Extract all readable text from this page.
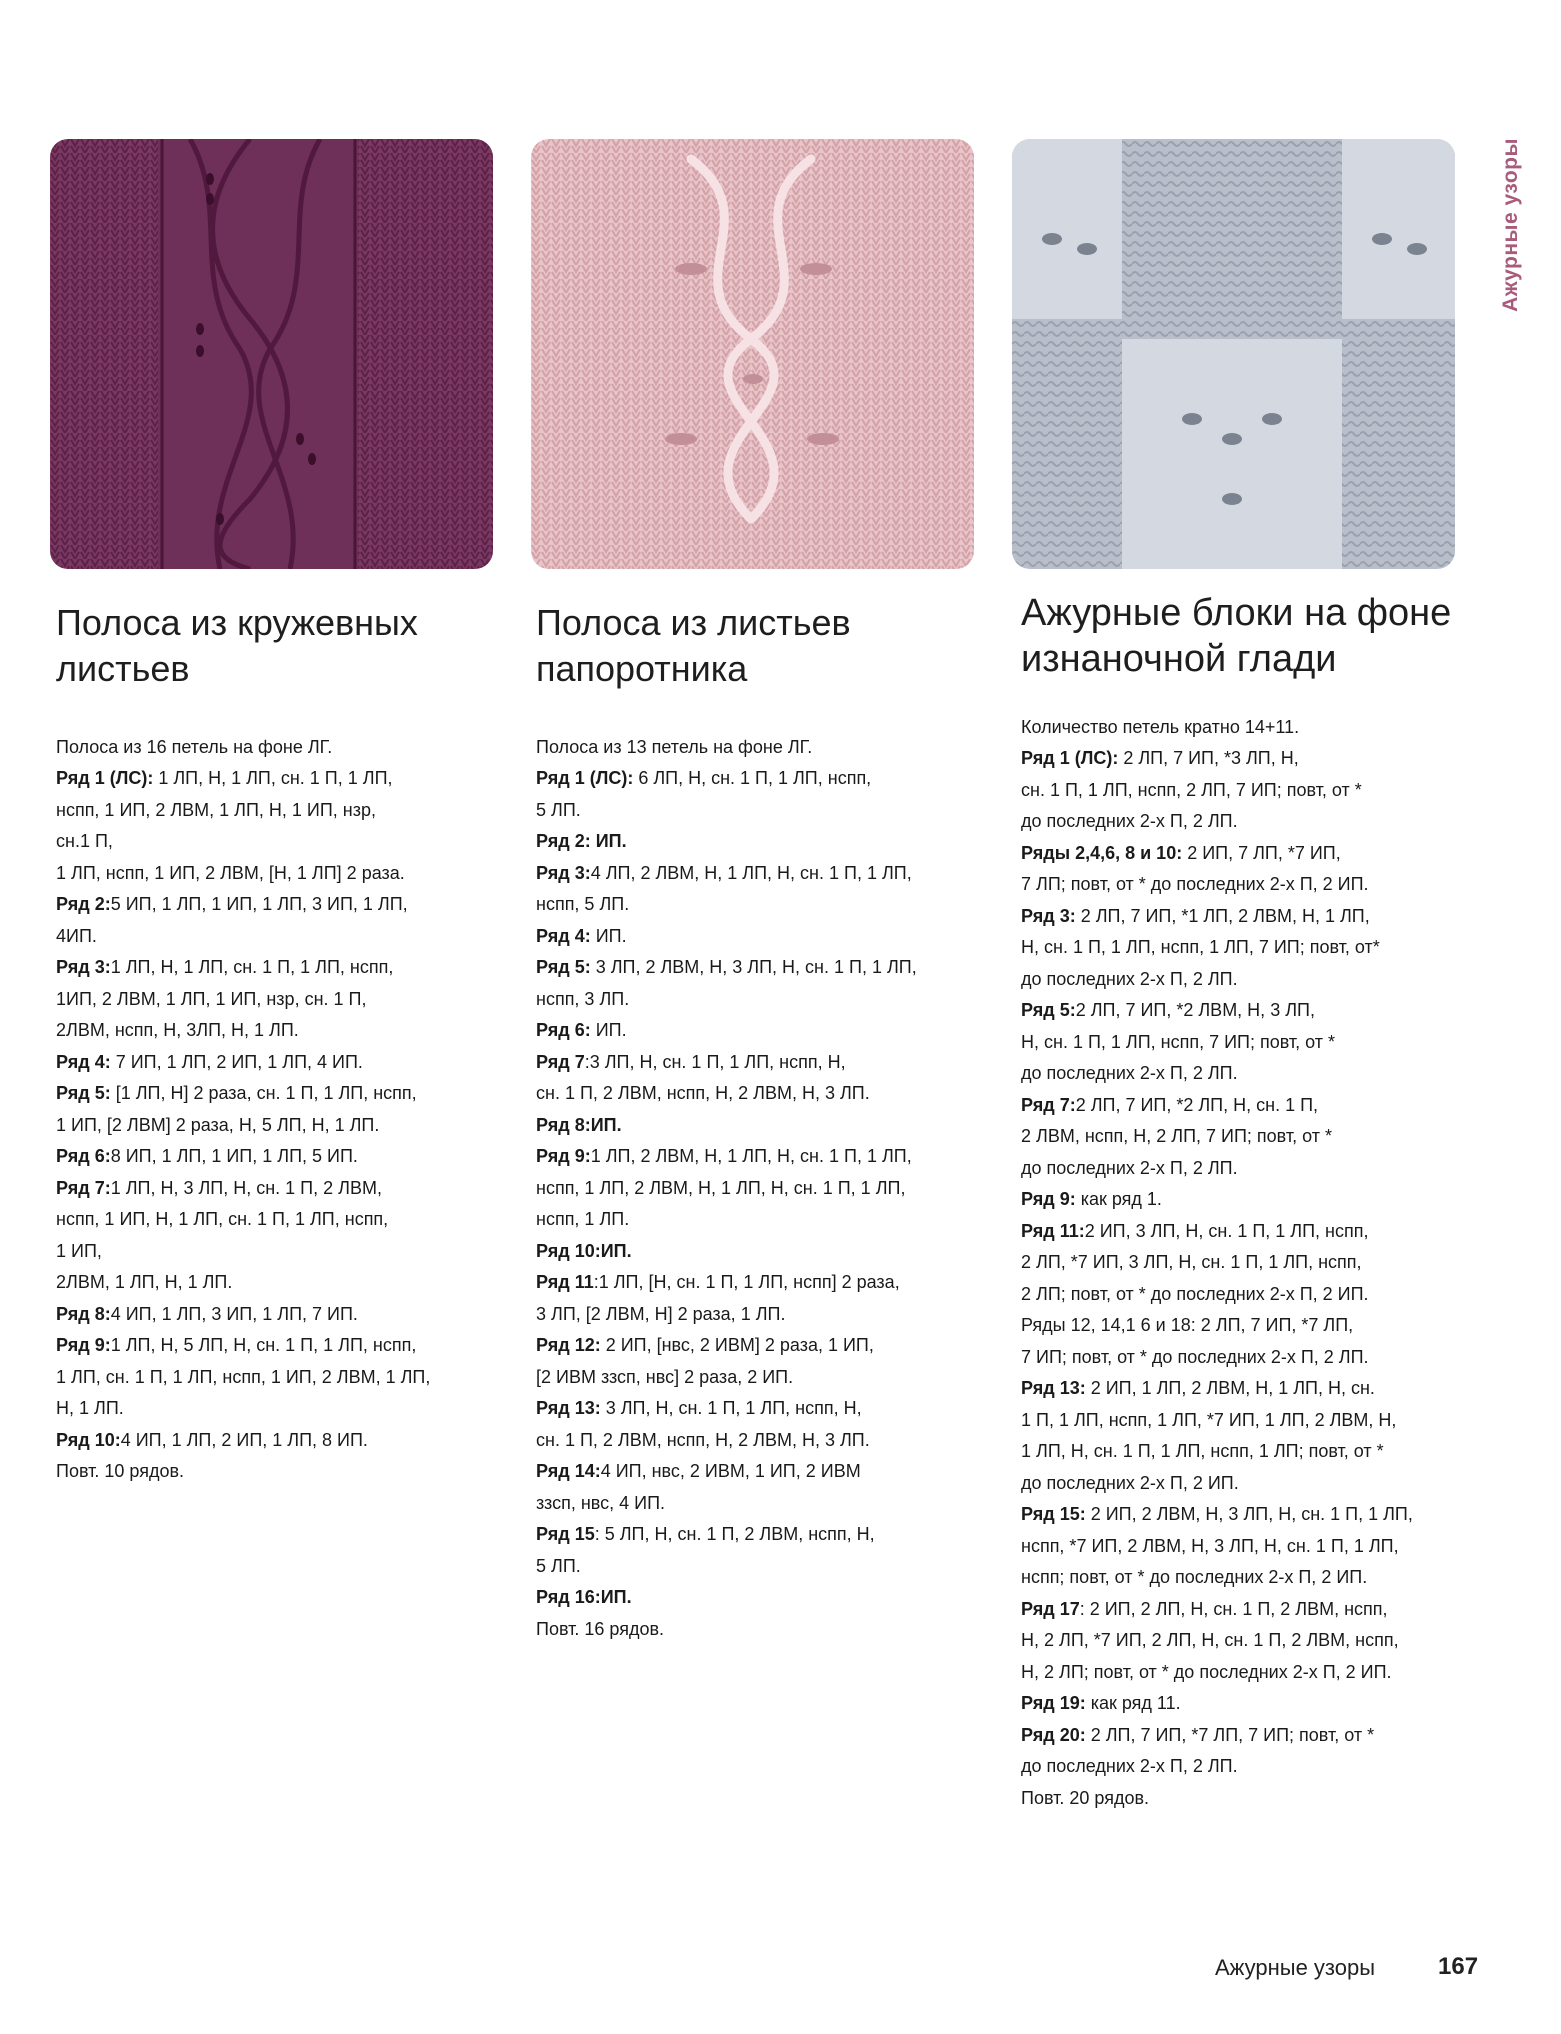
Ажурные узоры
Полоса из кружевных
листьев

Полоса из 16 петель на фоне ЛГ.

Ряд 1 (ЛС): 1 ЛП, Н, 1 ЛП, сн. 1 П, 1 ЛП,
нспп, 1 ИП, 2 ЛВМ, 1 ЛП, Н, 1 ИП, нзр,
сн.1 П,
1 ЛП, нспп, 1 ИП, 2 ЛВМ, [Н, 1 ЛП] 2 раза.

Ряд 2:5 ИП, 1 ЛП, 1 ИП, 1 ЛП, 3 ИП, 1 ЛП,
4ИП.

Ряд 3:1 ЛП, Н, 1 ЛП, сн. 1 П, 1 ЛП, нспп,
1ИП, 2 ЛВМ, 1 ЛП, 1 ИП, нзр, сн. 1 П,
2ЛВМ, нспп, Н, 3ЛП, Н, 1 ЛП.

Ряд 4: 7 ИП, 1 ЛП, 2 ИП, 1 ЛП, 4 ИП.

Ряд 5: [1 ЛП, Н] 2 раза, сн. 1 П, 1 ЛП, нспп,
1 ИП, [2 ЛВМ] 2 раза, Н, 5 ЛП, Н, 1 ЛП.

Ряд 6:8 ИП, 1 ЛП, 1 ИП, 1 ЛП, 5 ИП.

Ряд 7:1 ЛП, Н, 3 ЛП, Н, сн. 1 П, 2 ЛВМ,
нспп, 1 ИП, Н, 1 ЛП, сн. 1 П, 1 ЛП, нспп,
1 ИП,
2ЛВМ, 1 ЛП, Н, 1 ЛП.

Ряд 8:4 ИП, 1 ЛП, 3 ИП, 1 ЛП, 7 ИП.

Ряд 9:1 ЛП, Н, 5 ЛП, Н, сн. 1 П, 1 ЛП, нспп,
1 ЛП, сн. 1 П, 1 ЛП, нспп, 1 ИП, 2 ЛВМ, 1 ЛП,
Н, 1 ЛП.

Ряд 10:4 ИП, 1 ЛП, 2 ИП, 1 ЛП, 8 ИП.

Повт. 10 рядов.

Полоса из листьев
папоротника

Полоса из 13 петель на фоне ЛГ.

Ряд 1 (ЛС): 6 ЛП, Н, сн. 1 П, 1 ЛП, нспп,
5 ЛП.

Ряд 2: ИП.

Ряд 3:4 ЛП, 2 ЛВМ, Н, 1 ЛП, Н, сн. 1 П, 1 ЛП,
нспп, 5 ЛП.

Ряд 4: ИП.

Ряд 5: 3 ЛП, 2 ЛВМ, Н, 3 ЛП, Н, сн. 1 П, 1 ЛП,
нспп, 3 ЛП.

Ряд 6: ИП.

Ряд 7:3 ЛП, Н, сн. 1 П, 1 ЛП, нспп, Н,
сн. 1 П, 2 ЛВМ, нспп, Н, 2 ЛВМ, Н, 3 ЛП.

Ряд 8:ИП.

Ряд 9:1 ЛП, 2 ЛВМ, Н, 1 ЛП, Н, сн. 1 П, 1 ЛП,
нспп, 1 ЛП, 2 ЛВМ, Н, 1 ЛП, Н, сн. 1 П, 1 ЛП,
нспп, 1 ЛП.

Ряд 10:ИП.

Ряд 11:1 ЛП, [Н, сн. 1 П, 1 ЛП, нспп] 2 раза,
3 ЛП, [2 ЛВМ, Н] 2 раза, 1 ЛП.

Ряд 12: 2 ИП, [нвс, 2 ИВМ] 2 раза, 1 ИП,
[2 ИВМ ззсп, нвс] 2 раза, 2 ИП.

Ряд 13: 3 ЛП, Н, сн. 1 П, 1 ЛП, нспп, Н,
сн. 1 П, 2 ЛВМ, нспп, Н, 2 ЛВМ, Н, 3 ЛП.

Ряд 14:4 ИП, нвс, 2 ИВМ, 1 ИП, 2 ИВМ
ззсп, нвс, 4 ИП.

Ряд 15: 5 ЛП, Н, сн. 1 П, 2 ЛВМ, нспп, Н,
5 ЛП.

Ряд 16:ИП.

Повт. 16 рядов.

Ажурные блоки на фоне
изнаночной глади

Количество петель кратно 14+11.

Ряд 1 (ЛС): 2 ЛП, 7 ИП, *3 ЛП, Н,
сн. 1 П, 1 ЛП, нспп, 2 ЛП, 7 ИП; повт, от *
до последних 2-х П, 2 ЛП.

Ряды 2,4,6, 8 и 10: 2 ИП, 7 ЛП, *7 ИП,
7 ЛП; повт, от * до последних 2-х П, 2 ИП.

Ряд 3: 2 ЛП, 7 ИП, *1 ЛП, 2 ЛВМ, Н, 1 ЛП,
Н, сн. 1 П, 1 ЛП, нспп, 1 ЛП, 7 ИП; повт, от*
до последних 2-х П, 2 ЛП.

Ряд 5:2 ЛП, 7 ИП, *2 ЛВМ, Н, 3 ЛП,
Н, сн. 1 П, 1 ЛП, нспп, 7 ИП; повт, от *
до последних 2-х П, 2 ЛП.

Ряд 7:2 ЛП, 7 ИП, *2 ЛП, Н, сн. 1 П,
2 ЛВМ, нспп, Н, 2 ЛП, 7 ИП; повт, от *
до последних 2-х П, 2 ЛП.

Ряд 9: как ряд 1.

Ряд 11:2 ИП, 3 ЛП, Н, сн. 1 П, 1 ЛП, нспп,
2 ЛП, *7 ИП, 3 ЛП, Н, сн. 1 П, 1 ЛП, нспп,
2 ЛП; повт, от * до последних 2-х П, 2 ИП.

Ряды 12, 14,1 6 и 18: 2 ЛП, 7 ИП, *7 ЛП,
7 ИП; повт, от * до последних 2-х П, 2 ЛП.

Ряд 13: 2 ИП, 1 ЛП, 2 ЛВМ, Н, 1 ЛП, Н, сн.
1 П, 1 ЛП, нспп, 1 ЛП, *7 ИП, 1 ЛП, 2 ЛВМ, Н,
1 ЛП, Н, сн. 1 П, 1 ЛП, нспп, 1 ЛП; повт, от *
до последних 2-х П, 2 ИП.

Ряд 15: 2 ИП, 2 ЛВМ, Н, 3 ЛП, Н, сн. 1 П, 1 ЛП,
нспп, *7 ИП, 2 ЛВМ, Н, 3 ЛП, Н, сн. 1 П, 1 ЛП,
нспп; повт, от * до последних 2-х П, 2 ИП.

Ряд 17: 2 ИП, 2 ЛП, Н, сн. 1 П, 2 ЛВМ, нспп,
Н, 2 ЛП, *7 ИП, 2 ЛП, Н, сн. 1 П, 2 ЛВМ, нспп,
Н, 2 ЛП; повт, от * до последних 2-х П, 2 ИП.

Ряд 19: как ряд 11.

Ряд 20: 2 ЛП, 7 ИП, *7 ЛП, 7 ИП; повт, от *
до последних 2-х П, 2 ЛП.

Повт. 20 рядов.

Ажурные узоры	167
